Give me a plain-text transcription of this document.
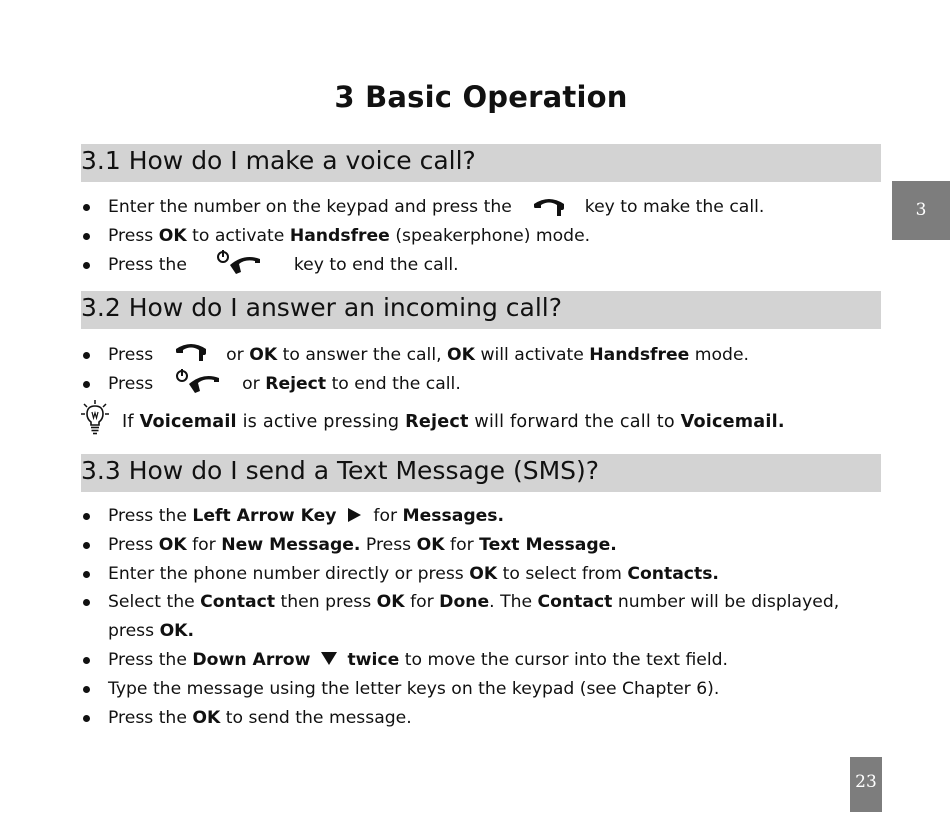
3 Basic Operation
3
3.1 How do I make a voice call?
Enter the number on the keypad and press the	key to make the call.
Press OK to activate Handsfree (speakerphone) mode.
Press the	key to end the call.
3.2 How do I answer an incoming call?
Press	or OK to answer the call, OK will activate Handsfree mode.
Press	or Reject to end the call.
If Voicemail is active pressing Reject will forward the call to Voicemail.
3.3 How do I send a Text Message (SMS)?
Press the Left Arrow Key for Messages.
Press OK for New Message. Press OK for Text Message.
Enter the phone number directly or press OK to select from Contacts.
Select the Contact then press OK for Done. The Contact number will be displayed, press OK.
Press the Down Arrow twice to move the cursor into the text field.
Type the message using the letter keys on the keypad (see Chapter 6).
Press the OK to send the message.
23
